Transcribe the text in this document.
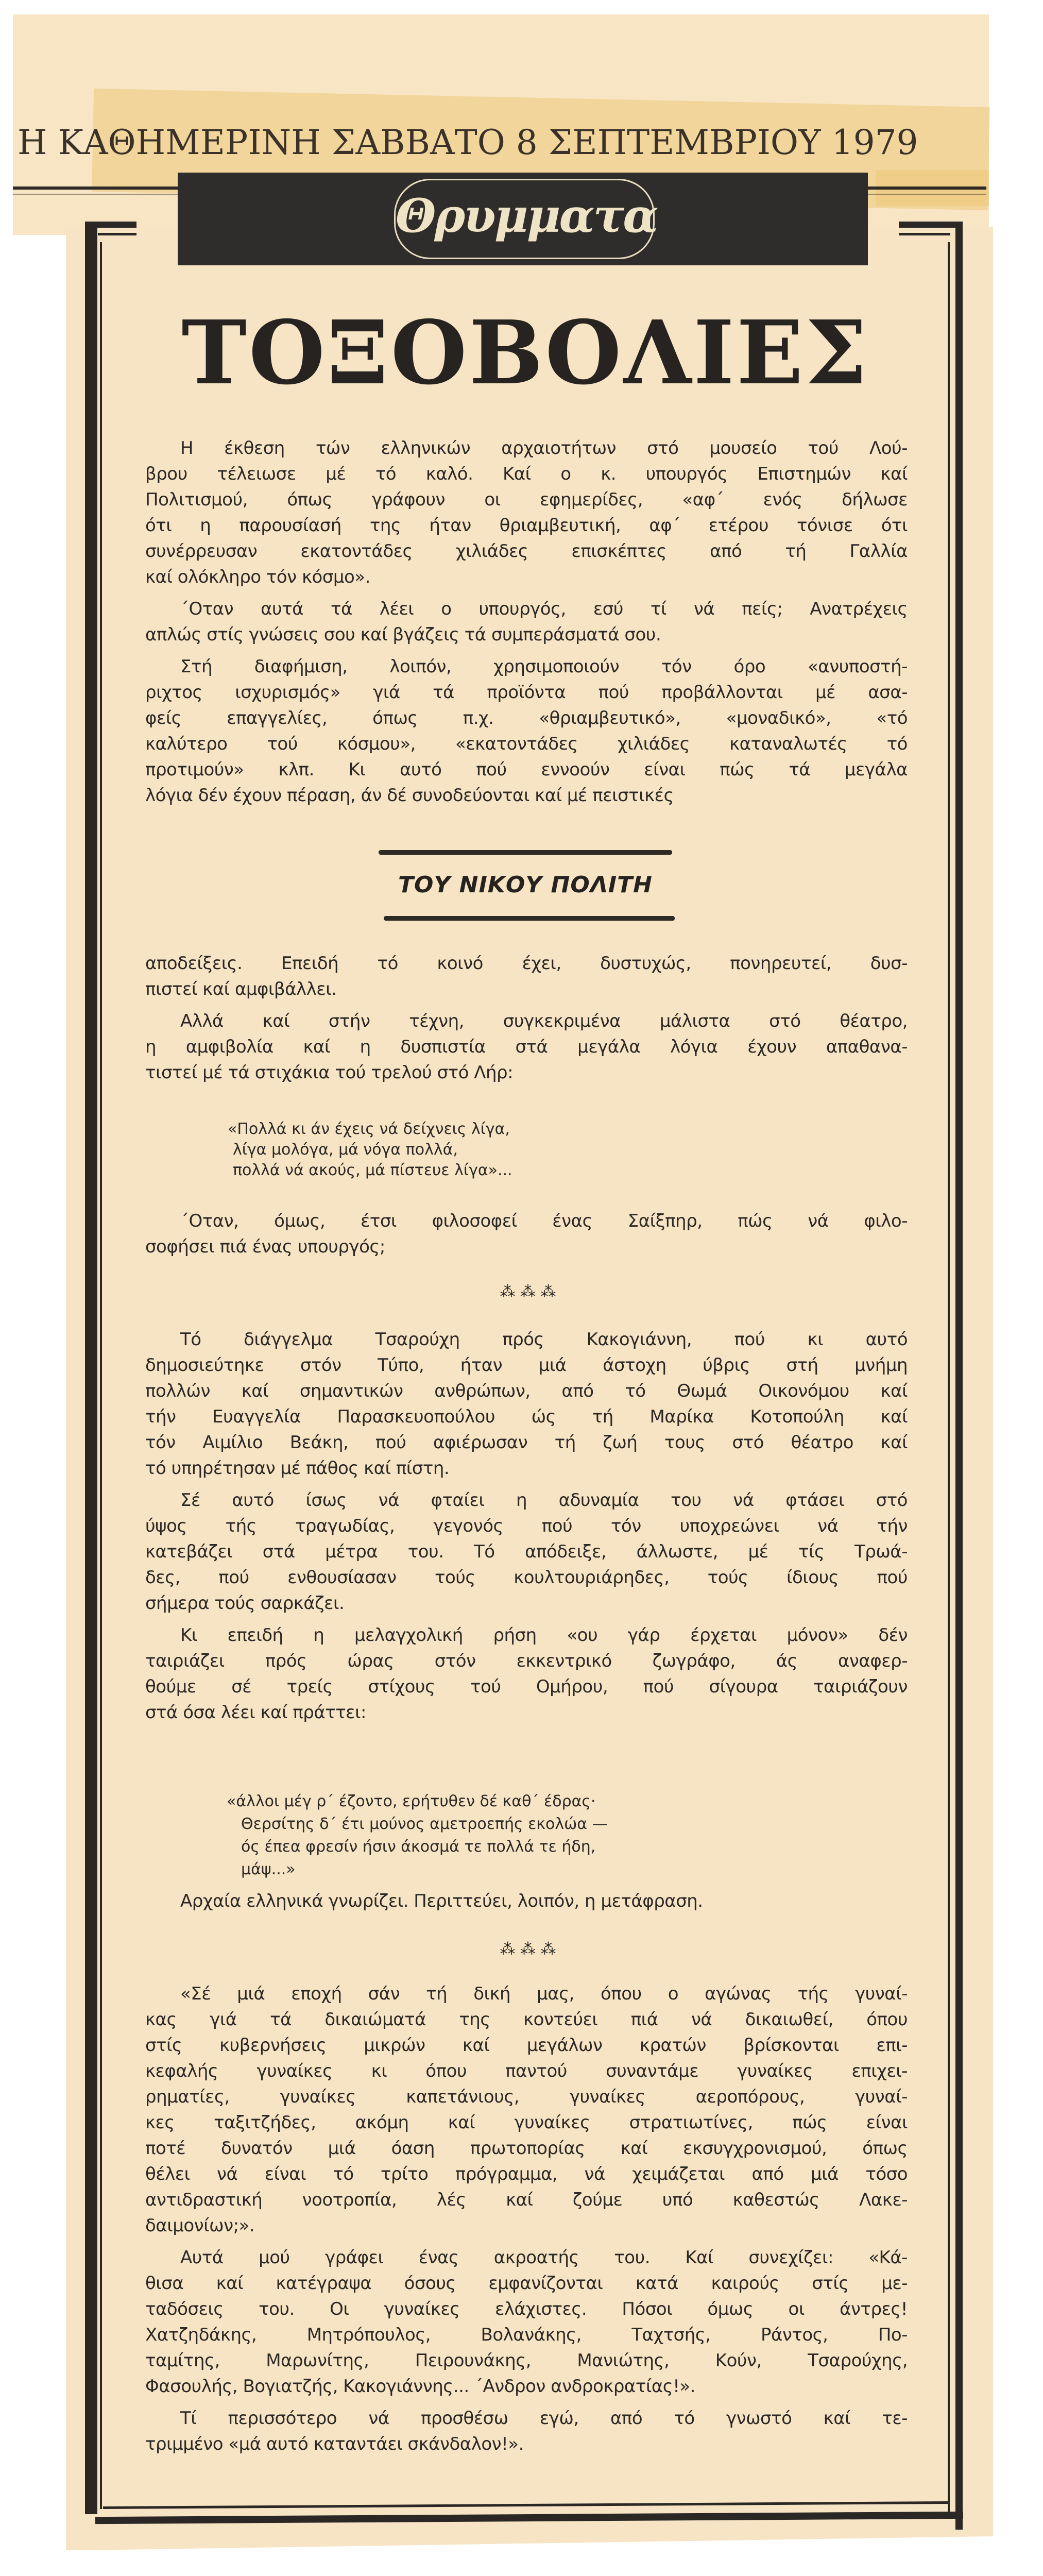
Η ΚΑΘΗΜΕΡΙΝΗ ΣΑΒΒΑΤΟ 8 ΣΕΠΤΕΜΒΡΙΟΥ 1979
Θρυμματα
ΤΟΞΟΒΟΛΙΕΣ
Η έκθεση τών ελληνικών αρχαιοτήτων στό μουσείο τού Λού-
βρου τέλειωσε μέ τό καλό. Καί ο κ. υπουργός Επιστημών καί
Πολιτισμού, όπως γράφουν οι εφημερίδες, «αφ΄ ενός δήλωσε
ότι η παρουσίασή της ήταν θριαμβευτική, αφ΄ ετέρου τόνισε ότι
συνέρρευσαν εκατοντάδες χιλιάδες επισκέπτες από τή Γαλλία
καί ολόκληρο τόν κόσμο».
΄Οταν αυτά τά λέει ο υπουργός, εσύ τί νά πείς; Ανατρέχεις
απλώς στίς γνώσεις σου καί βγάζεις τά συμπεράσματά σου.
Στή διαφήμιση, λοιπόν, χρησιμοποιούν τόν όρο «ανυποστή-
ριχτος ισχυρισμός» γιά τά προϊόντα πού προβάλλονται μέ ασα-
φείς επαγγελίες, όπως π.χ. «θριαμβευτικό», «μοναδικό», «τό
καλύτερο τού κόσμου», «εκατοντάδες χιλιάδες καταναλωτές τό
προτιμούν» κλπ. Κι αυτό πού εννοούν είναι πώς τά μεγάλα
λόγια δέν έχουν πέραση, άν δέ συνοδεύονται καί μέ πειστικές
ΤΟΥ ΝΙΚΟΥ ΠΟΛΙΤΗ
αποδείξεις. Επειδή τό κοινό έχει, δυστυχώς, πονηρευτεί, δυσ-
πιστεί καί αμφιβάλλει.
Αλλά καί στήν τέχνη, συγκεκριμένα μάλιστα στό θέατρο,
η αμφιβολία καί η δυσπιστία στά μεγάλα λόγια έχουν απαθανα-
τιστεί μέ τά στιχάκια τού τρελού στό Λήρ:
«Πολλά κι άν έχεις νά δείχνεις λίγα,
λίγα μολόγα, μά νόγα πολλά,
πολλά νά ακούς, μά πίστευε λίγα»...
΄Οταν, όμως, έτσι φιλοσοφεί ένας Σαίξπηρ, πώς νά φιλο-
σοφήσει πιά ένας υπουργός;
⁂ ⁂ ⁂
Τό διάγγελμα Τσαρούχη πρός Κακογιάννη, πού κι αυτό
δημοσιεύτηκε στόν Τύπο, ήταν μιά άστοχη ύβρις στή μνήμη
πολλών καί σημαντικών ανθρώπων, από τό Θωμά Οικονόμου καί
τήν Ευαγγελία Παρασκευοπούλου ώς τή Μαρίκα Κοτοπούλη καί
τόν Αιμίλιο Βεάκη, πού αφιέρωσαν τή ζωή τους στό θέατρο καί
τό υπηρέτησαν μέ πάθος καί πίστη.
Σέ αυτό ίσως νά φταίει η αδυναμία του νά φτάσει στό
ύψος τής τραγωδίας, γεγονός πού τόν υποχρεώνει νά τήν
κατεβάζει στά μέτρα του. Τό απόδειξε, άλλωστε, μέ τίς Τρωά-
δες, πού ενθουσίασαν τούς κουλτουριάρηδες, τούς ίδιους πού
σήμερα τούς σαρκάζει.
Κι επειδή η μελαγχολική ρήση «ου γάρ έρχεται μόνον» δέν
ταιριάζει πρός ώρας στόν εκκεντρικό ζωγράφο, άς αναφερ-
θούμε σέ τρείς στίχους τού Ομήρου, πού σίγουρα ταιριάζουν
στά όσα λέει καί πράττει:
«άλλοι μέγ ρ΄ έζοντο, ερήτυθεν δέ καθ΄ έδρας·
Θερσίτης δ΄ έτι μούνος αμετροεπής εκολώα —
ός έπεα φρεσίν ήσιν άκοσμά τε πολλά τε ήδη,
μάψ...»
Αρχαία ελληνικά γνωρίζει. Περιττεύει, λοιπόν, η μετάφραση.
⁂ ⁂ ⁂
«Σέ μιά εποχή σάν τή δική μας, όπου ο αγώνας τής γυναί-
κας γιά τά δικαιώματά της κοντεύει πιά νά δικαιωθεί, όπου
στίς κυβερνήσεις μικρών καί μεγάλων κρατών βρίσκονται επι-
κεφαλής γυναίκες κι όπου παντού συναντάμε γυναίκες επιχει-
ρηματίες, γυναίκες καπετάνιους, γυναίκες αεροπόρους, γυναί-
κες ταξιτζήδες, ακόμη καί γυναίκες στρατιωτίνες, πώς είναι
ποτέ δυνατόν μιά όαση πρωτοπορίας καί εκσυγχρονισμού, όπως
θέλει νά είναι τό τρίτο πρόγραμμα, νά χειμάζεται από μιά τόσο
αντιδραστική νοοτροπία, λές καί ζούμε υπό καθεστώς Λακε-
δαιμονίων;».
Αυτά μού γράφει ένας ακροατής του. Καί συνεχίζει: «Κά-
θισα καί κατέγραψα όσους εμφανίζονται κατά καιρούς στίς με-
ταδόσεις του. Οι γυναίκες ελάχιστες. Πόσοι όμως οι άντρες!
Χατζηδάκης, Μητρόπουλος, Βολανάκης, Ταχτσής, Ράντος, Πο-
ταμίτης, Μαρωνίτης, Πειρουνάκης, Μανιώτης, Κούν, Τσαρούχης,
Φασουλής, Βογιατζής, Κακογιάννης... ΄Ανδρον ανδροκρατίας!».
Τί περισσότερο νά προσθέσω εγώ, από τό γνωστό καί τε-
τριμμένο «μά αυτό καταντάει σκάνδαλον!».
